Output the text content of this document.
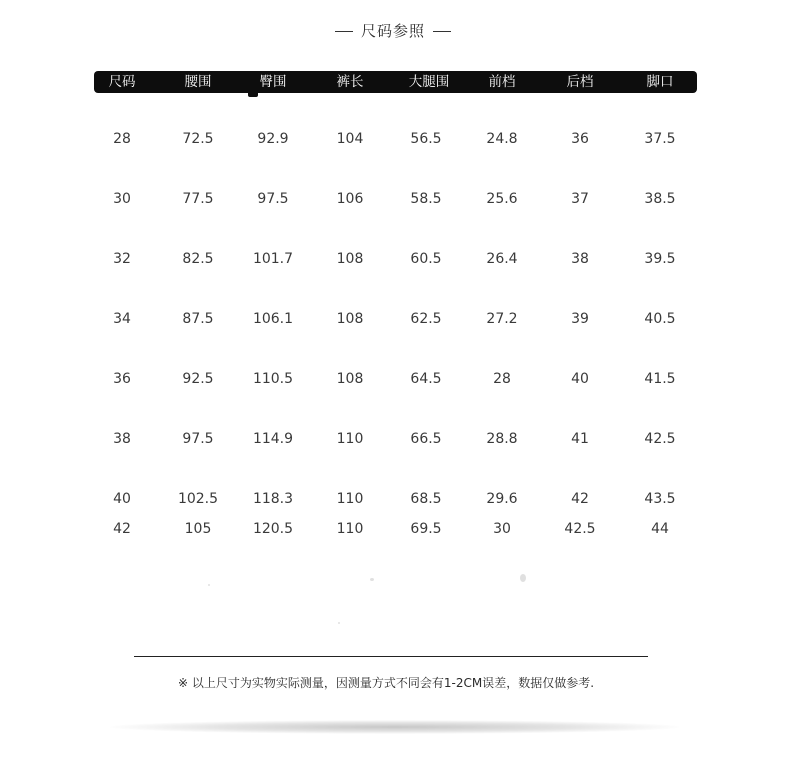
尺码参照
尺码	腰围	臀围	裤长	大腿围	前档	后档	脚口
28	72.5	92.9	104	56.5	24.8	36	37.5
30	77.5	97.5	106	58.5	25.6	37	38.5
32	82.5	101.7	108	60.5	26.4	38	39.5
34	87.5	106.1	108	62.5	27.2	39	40.5
36	92.5	110.5	108	64.5	28	40	41.5
38	97.5	114.9	110	66.5	28.8	41	42.5
40	102.5	118.3	110	68.5	29.6	42	43.5
42	105	120.5	110	69.5	30	42.5	44
※ 以上尺寸为实物实际测量，因测量方式不同会有1-2CM误差，数据仅做参考.
